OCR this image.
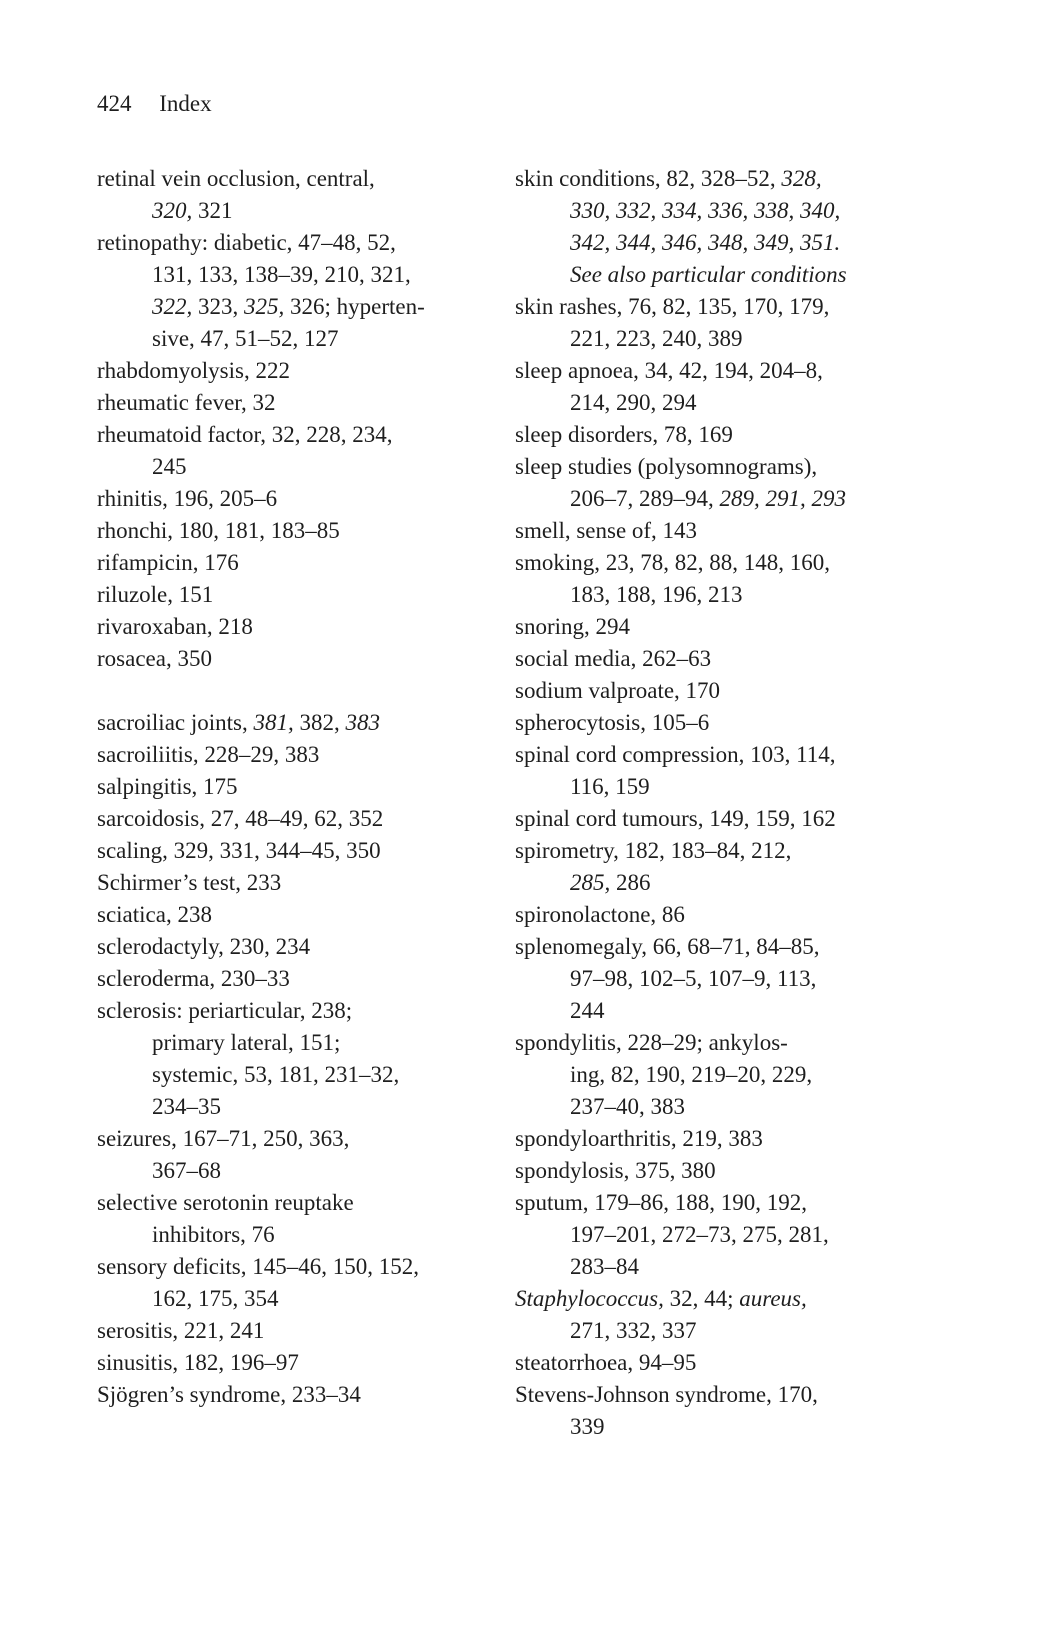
424 Index
retinal vein occlusion, central,
320, 321
retinopathy: diabetic, 47–48, 52,
131, 133, 138–39, 210, 321,
322, 323, 325, 326; hyperten-
sive, 47, 51–52, 127
rhabdomyolysis, 222
rheumatic fever, 32
rheumatoid factor, 32, 228, 234,
245
rhinitis, 196, 205–6
rhonchi, 180, 181, 183–85
rifampicin, 176
riluzole, 151
rivaroxaban, 218
rosacea, 350
sacroiliac joints, 381, 382, 383
sacroiliitis, 228–29, 383
salpingitis, 175
sarcoidosis, 27, 48–49, 62, 352
scaling, 329, 331, 344–45, 350
Schirmer’s test, 233
sciatica, 238
sclerodactyly, 230, 234
scleroderma, 230–33
sclerosis: periarticular, 238;
primary lateral, 151;
systemic, 53, 181, 231–32,
234–35
seizures, 167–71, 250, 363,
367–68
selective serotonin reuptake
inhibitors, 76
sensory deficits, 145–46, 150, 152,
162, 175, 354
serositis, 221, 241
sinusitis, 182, 196–97
Sjögren’s syndrome, 233–34
skin conditions, 82, 328–52, 328,
330, 332, 334, 336, 338, 340,
342, 344, 346, 348, 349, 351.
See also particular conditions
skin rashes, 76, 82, 135, 170, 179,
221, 223, 240, 389
sleep apnoea, 34, 42, 194, 204–8,
214, 290, 294
sleep disorders, 78, 169
sleep studies (polysomnograms),
206–7, 289–94, 289, 291, 293
smell, sense of, 143
smoking, 23, 78, 82, 88, 148, 160,
183, 188, 196, 213
snoring, 294
social media, 262–63
sodium valproate, 170
spherocytosis, 105–6
spinal cord compression, 103, 114,
116, 159
spinal cord tumours, 149, 159, 162
spirometry, 182, 183–84, 212,
285, 286
spironolactone, 86
splenomegaly, 66, 68–71, 84–85,
97–98, 102–5, 107–9, 113,
244
spondylitis, 228–29; ankylos-
ing, 82, 190, 219–20, 229,
237–40, 383
spondyloarthritis, 219, 383
spondylosis, 375, 380
sputum, 179–86, 188, 190, 192,
197–201, 272–73, 275, 281,
283–84
Staphylococcus, 32, 44; aureus,
271, 332, 337
steatorrhoea, 94–95
Stevens-Johnson syndrome, 170,
339
